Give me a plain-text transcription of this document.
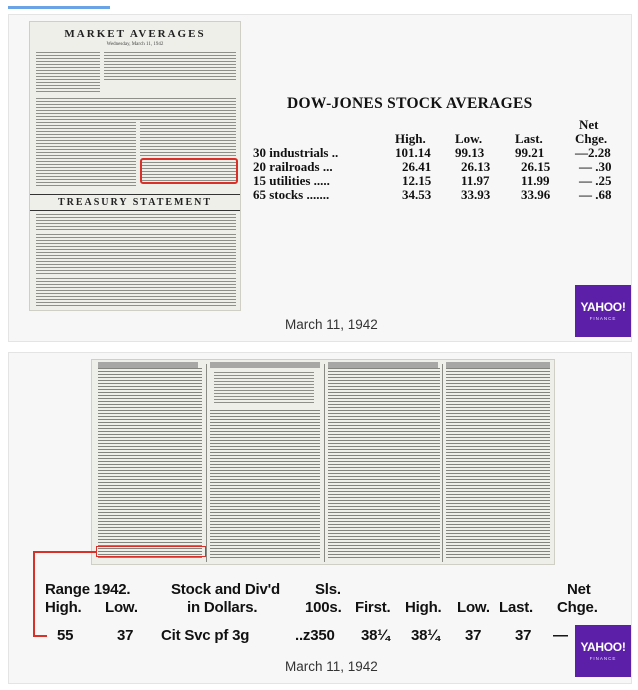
MARKET AVERAGES
Wednesday, March 11, 1942
TREASURY STATEMENT
DOW-JONES STOCK AVERAGES
Net
High. Low.	Last. Chge.
30 industrials ..	101.14 99.13 99.21 —2.28
20 railroads ...	26.41 26.13 26.15 — .30
15 utilities .....	12.15 11.97 11.99 — .25
65 stocks .......	34.53 33.93 33.96 — .68
March 11, 1942
YAHOO!
FINANCE
Range 1942.	Stock and Div'd Sls.	Net
High. Low.	in Dollars.	100s. First. High. Low. Last. Chge.
55	37 Cit Svc pf 3g	..z350 38¼ 38¼ 37 37 —
March 11, 1942
YAHOO!
FINANCE
